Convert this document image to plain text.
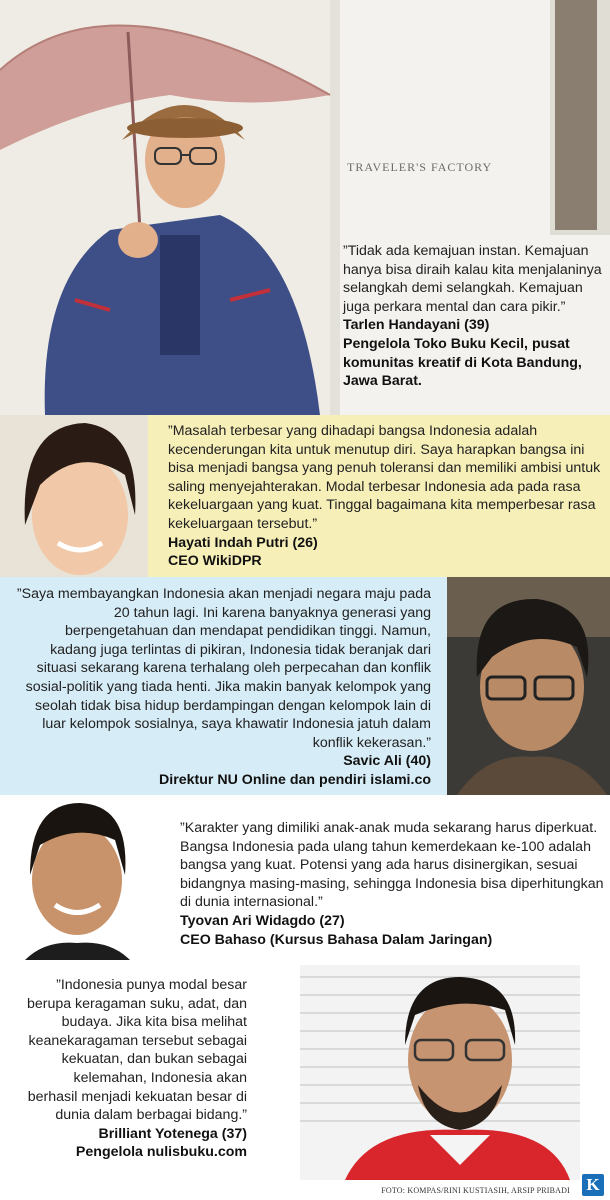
TRAVELER'S FACTORY

”Tidak ada kemajuan instan. Kemajuan hanya bisa diraih kalau kita menjalaninya selangkah demi selangkah. Kemajuan juga perkara mental dan cara pikir.”

Tarlen Handayani (39)

Pengelola Toko Buku Kecil, pusat komunitas kreatif di Kota Bandung, Jawa Barat.

”Masalah terbesar yang dihadapi bangsa Indonesia adalah kecenderungan kita untuk menutup diri. Saya harapkan bangsa ini bisa menjadi bangsa yang penuh toleransi dan memiliki ambisi untuk saling menyejahterakan. Modal terbesar Indonesia ada pada rasa kekeluargaan yang kuat. Tinggal bagaimana kita memperbesar rasa kekeluargaan tersebut.”

Hayati Indah Putri (26)

CEO WikiDPR

”Saya membayangkan Indonesia akan menjadi negara maju pada 20 tahun lagi. Ini karena banyaknya generasi yang berpengetahuan dan mendapat pendidikan tinggi. Namun, kadang juga terlintas di pikiran, Indonesia tidak beranjak dari situasi sekarang karena terhalang oleh perpecahan dan konflik sosial-politik yang tiada henti. Jika makin banyak kelompok yang seolah tidak bisa hidup berdampingan dengan kelompok lain di luar kelompok sosialnya, saya khawatir Indonesia jatuh dalam konflik kekerasan.”

Savic Ali (40)

Direktur NU Online dan pendiri islami.co

”Karakter yang dimiliki anak-anak muda sekarang harus diperkuat. Bangsa Indonesia pada ulang tahun kemerdekaan ke-100 adalah bangsa yang kuat. Potensi yang ada harus disinergikan, sesuai bidangnya masing-masing, sehingga Indonesia bisa diperhitungkan di dunia internasional.”

Tyovan Ari Widagdo (27)

CEO Bahaso (Kursus Bahasa Dalam Jaringan)

”Indonesia punya modal besar berupa keragaman suku, adat, dan budaya. Jika kita bisa melihat keanekaragaman tersebut sebagai kekuatan, dan bukan sebagai kelemahan, Indonesia akan berhasil menjadi kekuatan besar di dunia dalam berbagai bidang.”

Brilliant Yotenega (37)

Pengelola nulisbuku.com

FOTO: KOMPAS/RINI KUSTIASIH, ARSIP PRIBADI K
